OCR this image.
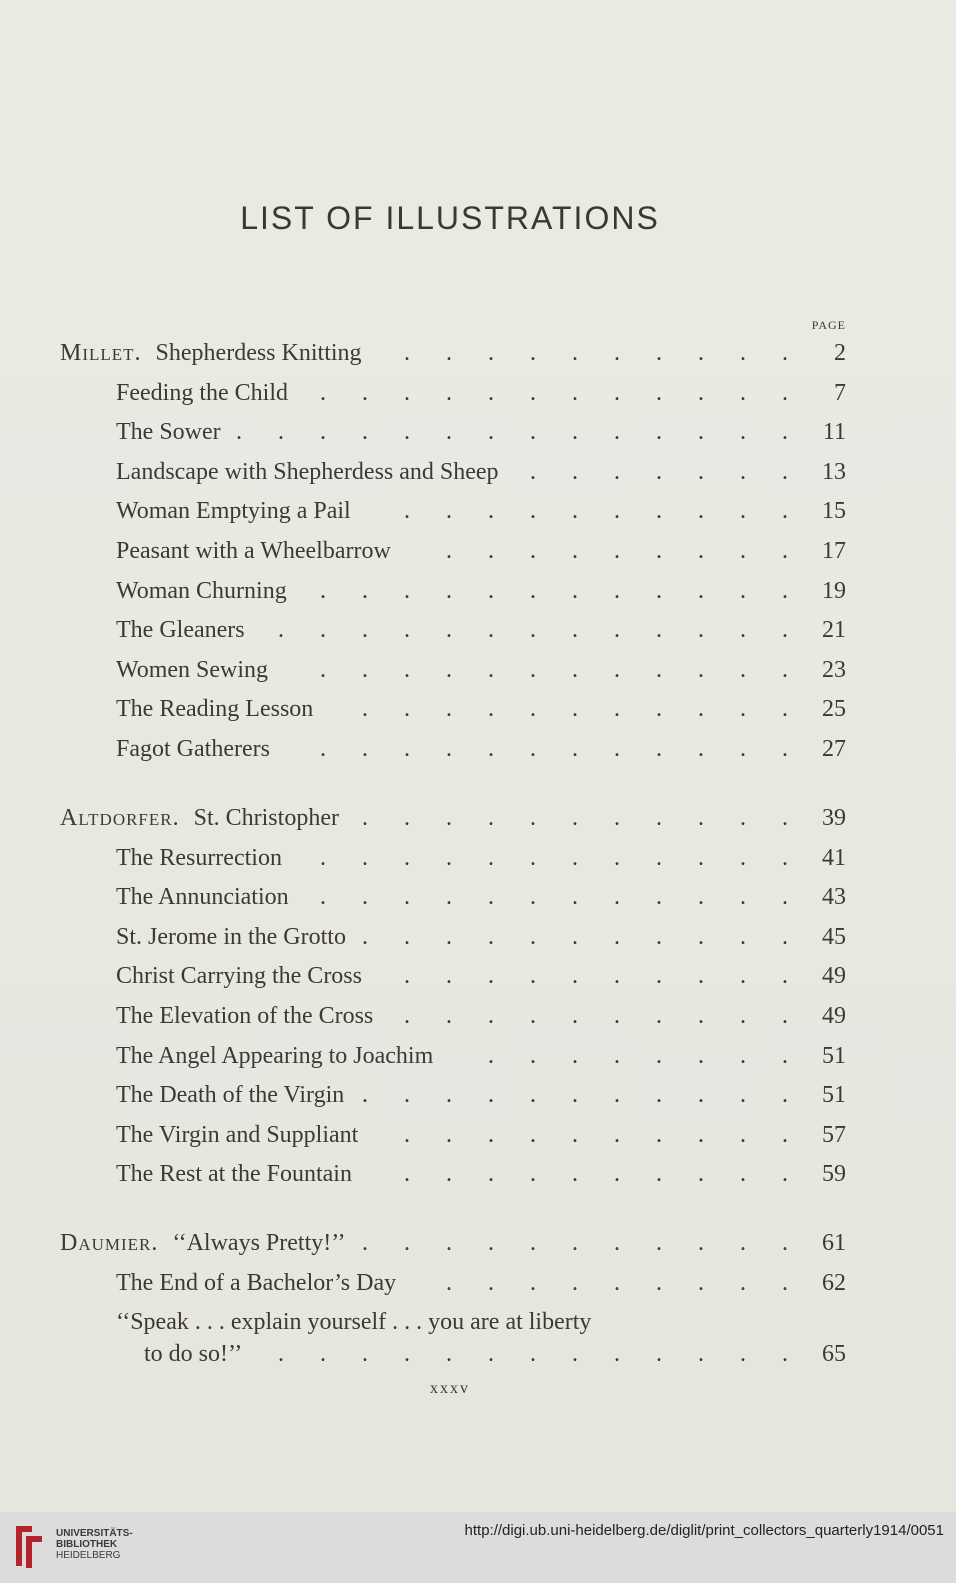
LIST OF ILLUSTRATIONS
PAGE
Millet. Shepherdess Knitting	2
..........
Feeding the Child	7
............
The Sower	11
..............
Landscape with Shepherdess and Sheep	13
.......
Woman Emptying a Pail	15
..........
Peasant with a Wheelbarrow	17
.........
Woman Churning	19
............
The Gleaners	21
.............
Women Sewing	23
............
The Reading Lesson	25
...........
Fagot Gatherers	27
............
Altdorfer. St. Christopher	39
...........
The Resurrection	41
............
The Annunciation	43
............
St. Jerome in the Grotto	45
...........
Christ Carrying the Cross	49
..........
The Elevation of the Cross	49
..........
The Angel Appearing to Joachim	51
........
The Death of the Virgin	51
...........
The Virgin and Suppliant	57
..........
The Rest at the Fountain	59
..........
Daumier. ‘‘Always Pretty!’’	61
...........
The End of a Bachelor’s Day	62
.........
‘‘Speak . . . explain yourself . . . you are at liberty
to do so!’’	65
.............
xxxv
UNIVERSITÄTS-
BIBLIOTHEK
HEIDELBERG
http://digi.ub.uni-heidelberg.de/diglit/print_collectors_quarterly1914/0051
